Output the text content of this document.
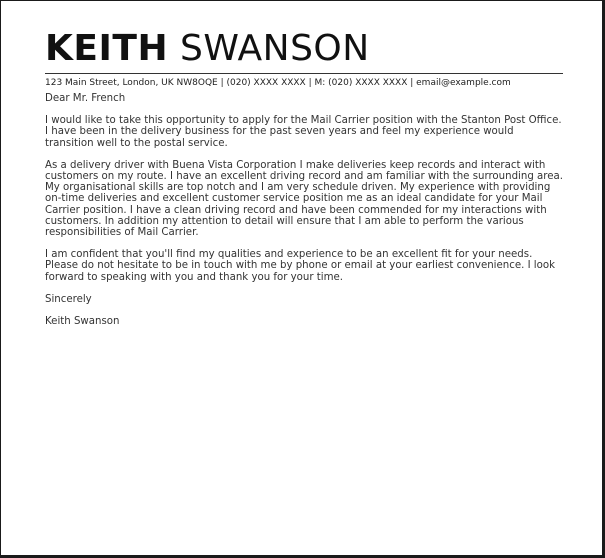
KEITH SWANSON
123 Main Street, London, UK NW8OQE | (020) XXXX XXXX | M: (020) XXXX XXXX | email@example.com

Dear Mr. French

I would like to take this opportunity to apply for the Mail Carrier position with the Stanton Post Office. I have been in the delivery business for the past seven years and feel my experience would transition well to the postal service.

As a delivery driver with Buena Vista Corporation I make deliveries keep records and interact with customers on my route. I have an excellent driving record and am familiar with the surrounding area. My organisational skills are top notch and I am very schedule driven. My experience with providing on-time deliveries and excellent customer service position me as an ideal candidate for your Mail Carrier position. I have a clean driving record and have been commended for my interactions with customers. In addition my attention to detail will ensure that I am able to perform the various responsibilities of Mail Carrier.

I am confident that you'll find my qualities and experience to be an excellent fit for your needs. Please do not hesitate to be in touch with me by phone or email at your earliest convenience. I look forward to speaking with you and thank you for your time.

Sincerely

Keith Swanson
